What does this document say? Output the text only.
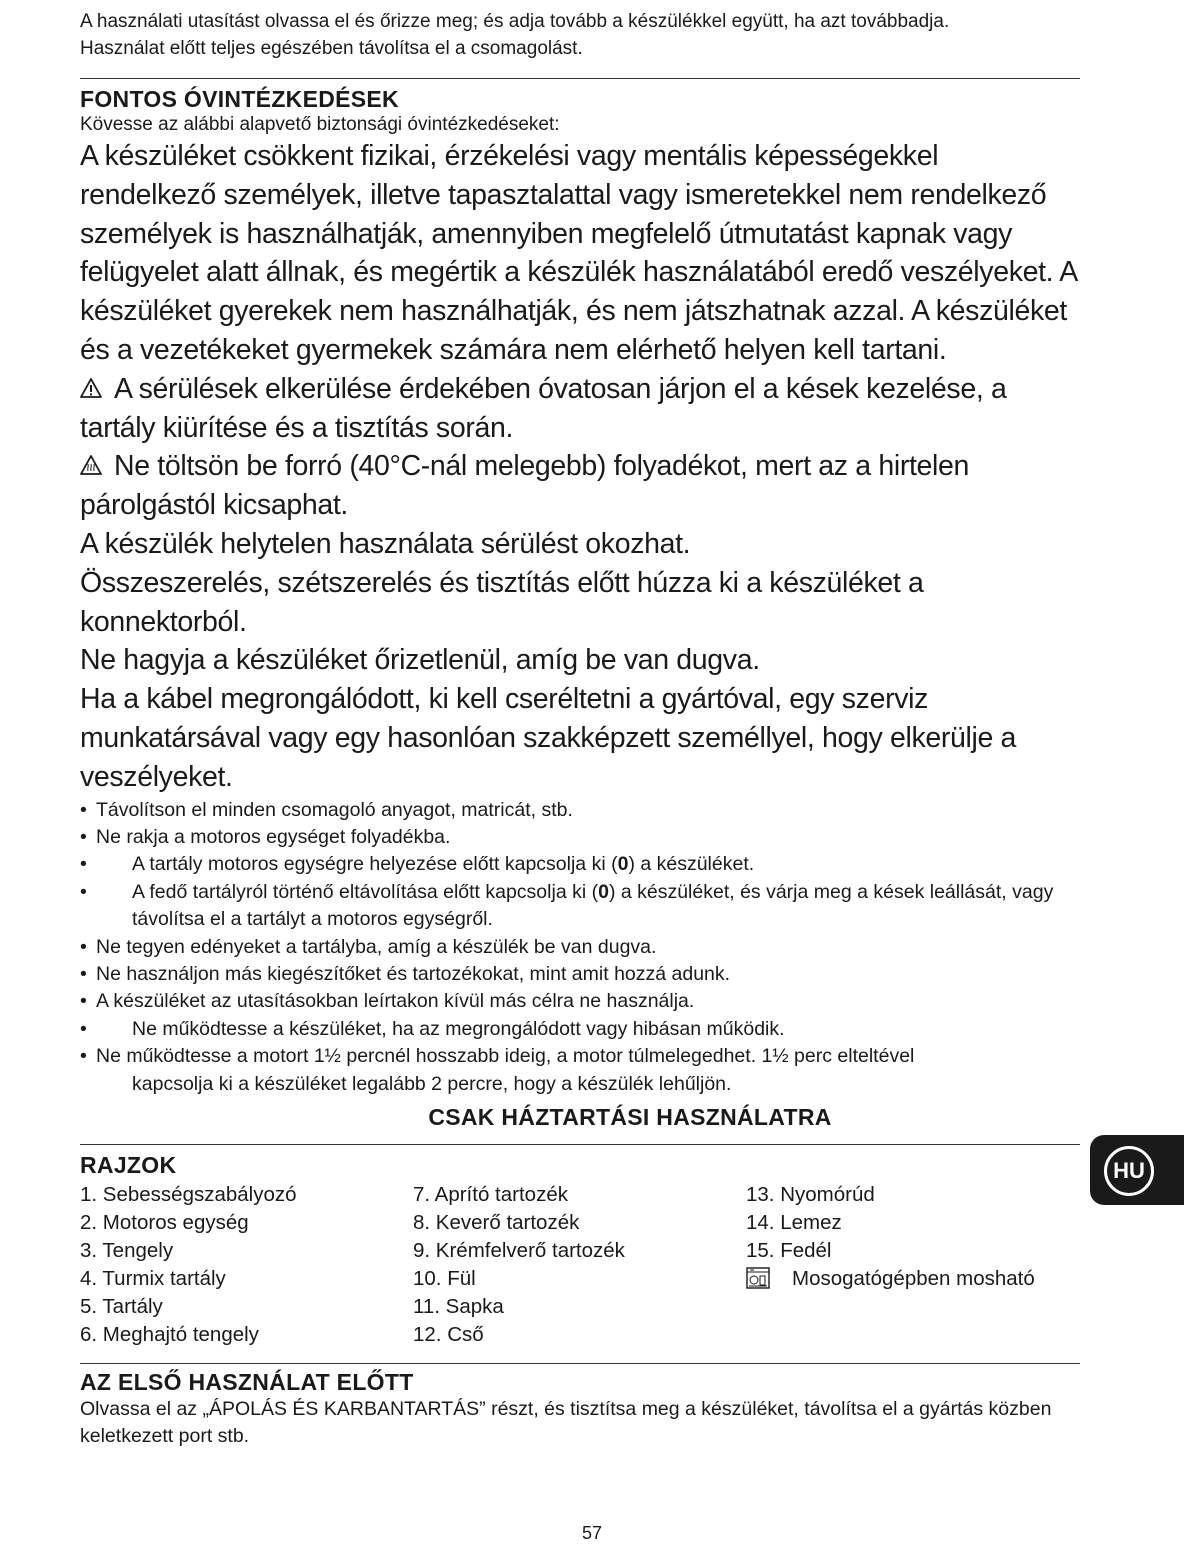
A használati utasítást olvassa el és őrizze meg; és adja tovább a készülékkel együtt, ha azt továbbadja.

Használat előtt teljes egészében távolítsa el a csomagolást.

FONTOS ÓVINTÉZKEDÉSEK

Kövesse az alábbi alapvető biztonsági óvintézkedéseket:

A készüléket csökkent fizikai, érzékelési vagy mentális képességekkel rendelkező személyek, illetve tapasztalattal vagy ismeretekkel nem rendelkező személyek is használhatják, amennyiben megfelelő útmutatást kapnak vagy felügyelet alatt állnak, és megértik a készülék használatából eredő veszélyeket. A készüléket gyerekek nem használhatják, és nem játszhatnak azzal. A készüléket és a vezetékeket gyermekek számára nem elérhető helyen kell tartani.

A sérülések elkerülése érdekében óvatosan járjon el a kések kezelése, a tartály kiürítése és a tisztítás során.

Ne töltsön be forró (40°C-nál melegebb) folyadékot, mert az a hirtelen párolgástól kicsaphat.

A készülék helytelen használata sérülést okozhat.

Összeszerelés, szétszerelés és tisztítás előtt húzza ki a készüléket a konnektorból.

Ne hagyja a készüléket őrizetlenül, amíg be van dugva.

Ha a kábel megrongálódott, ki kell cseréltetni a gyártóval, egy szerviz munkatársával vagy egy hasonlóan szakképzett személlyel, hogy elkerülje a veszélyeket.

• Távolítson el minden csomagoló anyagot, matricát, stb.
• Ne rakja a motoros egységet folyadékba.
• A tartály motoros egységre helyezése előtt kapcsolja ki (0) a készüléket.
• A fedő tartályról történő eltávolítása előtt kapcsolja ki (0) a készüléket, és várja meg a kések leállását, vagy távolítsa el a tartályt a motoros egységről.
• Ne tegyen edényeket a tartályba, amíg a készülék be van dugva.
• Ne használjon más kiegészítőket és tartozékokat, mint amit hozzá adunk.
• A készüléket az utasításokban leírtakon kívül más célra ne használja.
• Ne működtesse a készüléket, ha az megrongálódott vagy hibásan működik.
• Ne működtesse a motort 1½ percnél hosszabb ideig, a motor túlmelegedhet. 1½ perc elteltével
kapcsolja ki a készüléket legalább 2 percre, hogy a készülék lehűljön.
CSAK HÁZTARTÁSI HASZNÁLATRA
RAJZOK
1. Sebességszabályozó
2. Motoros egység
3. Tengely
4. Turmix tartály
5. Tartály
6. Meghajtó tengely
7. Aprító tartozék
8. Keverő tartozék
9. Krémfelverő tartozék
10. Fül
11. Sapka
12. Cső
13. Nyomórúd
14. Lemez
15. Fedél
Mosogatógépben mosható
AZ ELSŐ HASZNÁLAT ELŐTT

Olvassa el az „ÁPOLÁS ÉS KARBANTARTÁS” részt, és tisztítsa meg a készüléket, távolítsa el a gyártás közben keletkezett port stb.

HU
57
